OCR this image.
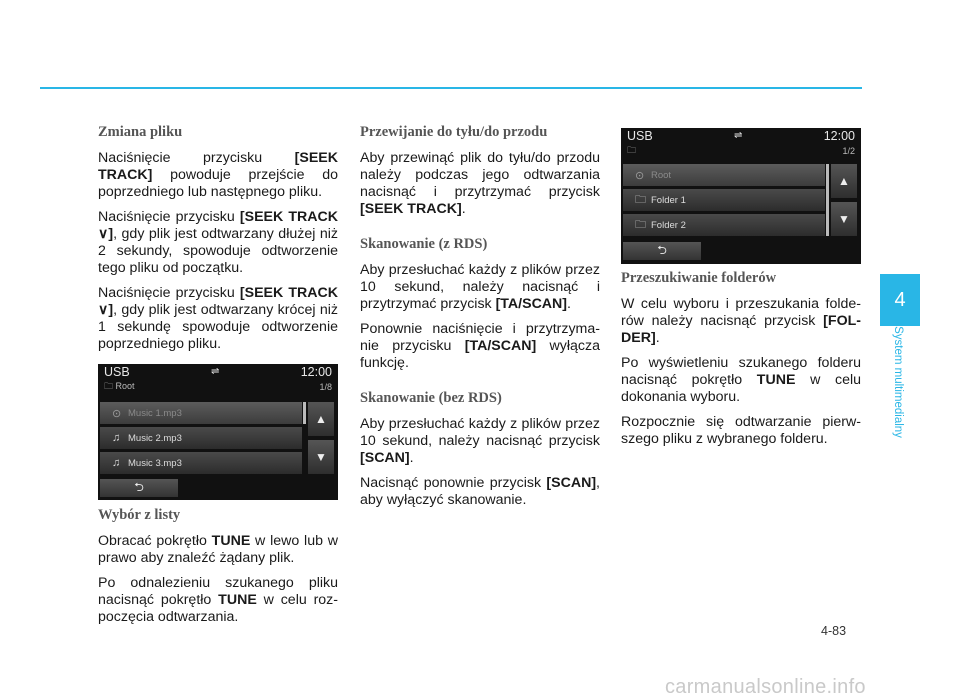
Zmiana pliku

Naciśnięcie przycisku [SEEK TRACK] powoduje przejście do poprzedniego lub następnego pliku.

Naciśnięcie przycisku [SEEK TRACK ∨], gdy plik jest odtwarzany dłużej niż 2 sekundy, spowoduje odtworzenie tego pliku od początku.

Naciśnięcie przycisku [SEEK TRACK ∨], gdy plik jest odtwarzany krócej niż 1 sekundę spowoduje odtworzenie poprzedniego pliku.

USB	⇌	12:00
🗀 Root	1/8
⊙ Music 1.mp3
♫ Music 2.mp3
♫ Music 3.mp3
▲
▼
⮌
Wybór z listy

Obracać pokrętło TUNE w lewo lub w prawo aby znaleźć żądany plik.

Po odnalezieniu szukanego pliku nacisnąć pokrętło TUNE w celu roz-poczęcia odtwarzania.

Przewijanie do tyłu/do przodu

Aby przewinąć plik do tyłu/do przodu należy podczas jego odtwarzania nacisnąć i przytrzymać przycisk [SEEK TRACK].

Skanowanie (z RDS)

Aby przesłuchać każdy z plików przez 10 sekund, należy nacisnąć i przytrzymać przycisk [TA/SCAN].

Ponownie naciśnięcie i przytrzyma-nie przycisku [TA/SCAN] wyłącza funkcję.

Skanowanie (bez RDS)

Aby przesłuchać każdy z plików przez 10 sekund, należy nacisnąć przycisk [SCAN].

Nacisnąć ponownie przycisk [SCAN], aby wyłączyć skanowanie.

USB	⇌	12:00
🗀	1/2
⊙ Root
🗀 Folder 1
🗀 Folder 2
▲
▼
⮌
Przeszukiwanie folderów

W celu wyboru i przeszukania folde-rów należy nacisnąć przycisk [FOL-DER].

Po wyświetleniu szukanego folderu nacisnąć pokrętło TUNE w celu dokonania wyboru.

Rozpocznie się odtwarzanie pierw-szego pliku z wybranego folderu.

4
System multimedialny
4-83
carmanualsonline.info
